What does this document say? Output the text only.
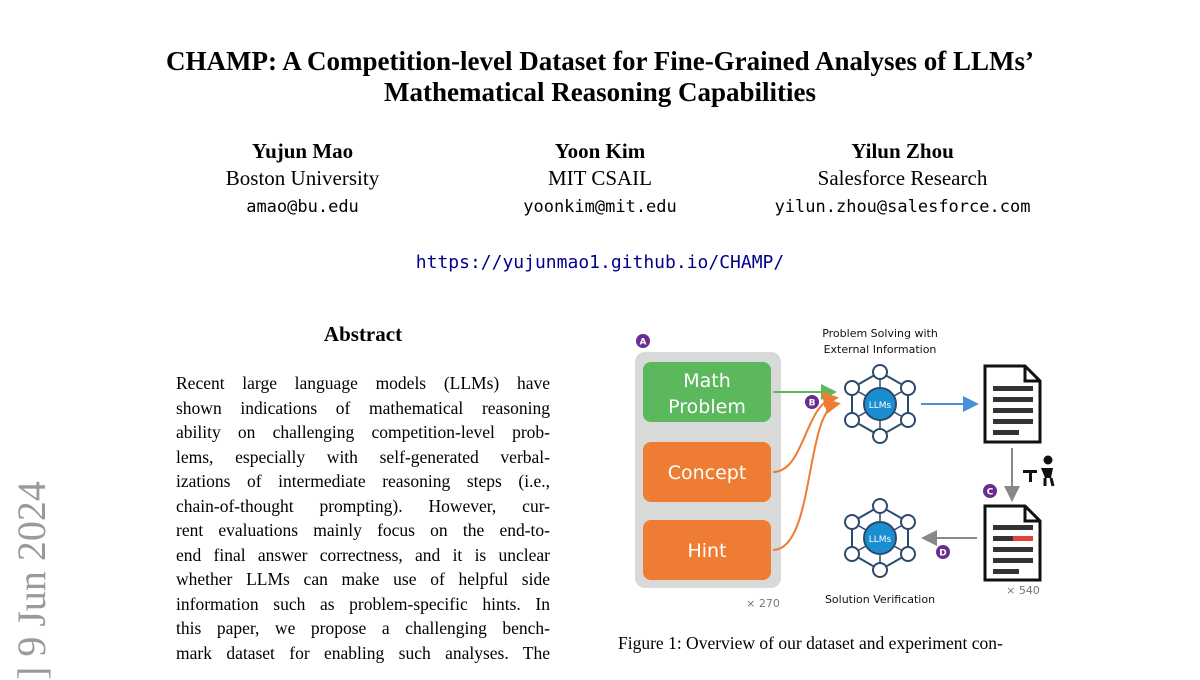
CHAMP: A Competition-level Dataset for Fine-Grained Analyses of LLMs’
Mathematical Reasoning Capabilities
Yujun Mao
Boston University
amao@bu.edu
Yoon Kim
MIT CSAIL
yoonkim@mit.edu
Yilun Zhou
Salesforce Research
yilun.zhou@salesforce.com
https://yujunmao1.github.io/CHAMP/
] 9 Jun 2024
Abstract
Recent large language models (LLMs) have
shown indications of mathematical reasoning
ability on challenging competition-level prob-
lems, especially with self-generated verbal-
izations of intermediate reasoning steps (i.e.,
chain-of-thought prompting). However, cur-
rent evaluations mainly focus on the end-to-
end final answer correctness, and it is unclear
whether LLMs can make use of helpful side
information such as problem-specific hints. In
this paper, we propose a challenging bench-
mark dataset for enabling such analyses. The
A
Math
Problem
Concept
Hint
× 270
B
Problem Solving with
External Information
LLMs
C
× 540
D
LLMs
Solution Verification
Figure 1: Overview of our dataset and experiment con-
